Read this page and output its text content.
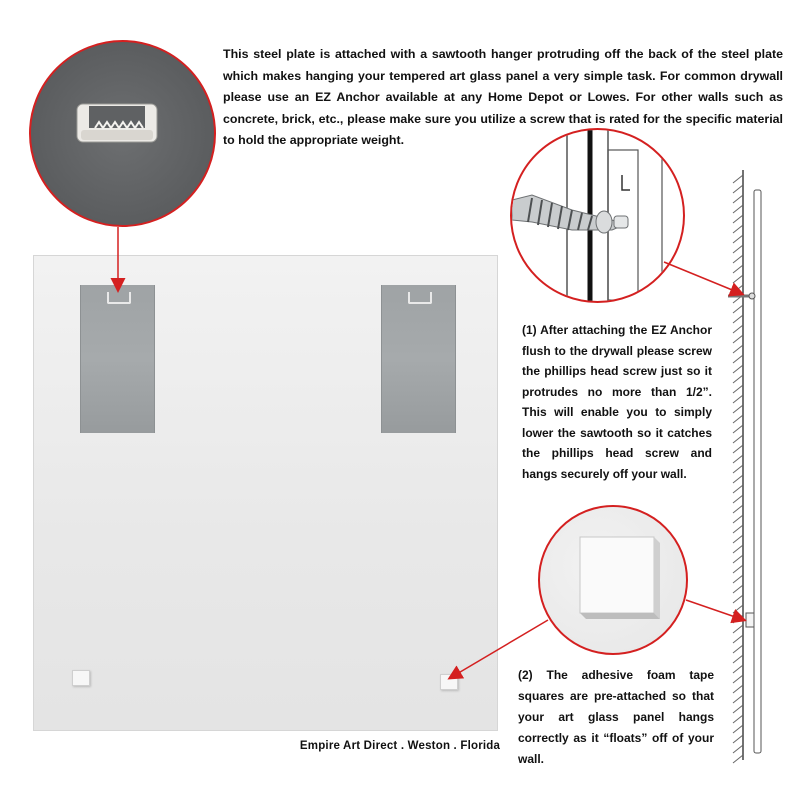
This steel plate is attached with a sawtooth hanger protruding off the back of the steel plate which makes hanging your tempered art glass panel a very simple task. For common drywall please use an EZ Anchor available at any Home Depot or Lowes. For other walls such as concrete, brick, etc., please make sure you utilize a screw that is rated for the specific material to hold the appropriate weight.
(1) After attaching the EZ Anchor flush to the drywall please screw the phillips head screw just so it protrudes no more than 1/2”. This will enable you to simply lower the sawtooth so it catches the phillips head screw and hangs securely off your wall.
(2) The adhesive foam tape squares are pre-attached so that your art glass panel hangs correctly as it “floats” off of your wall.
Empire Art Direct . Weston . Florida
